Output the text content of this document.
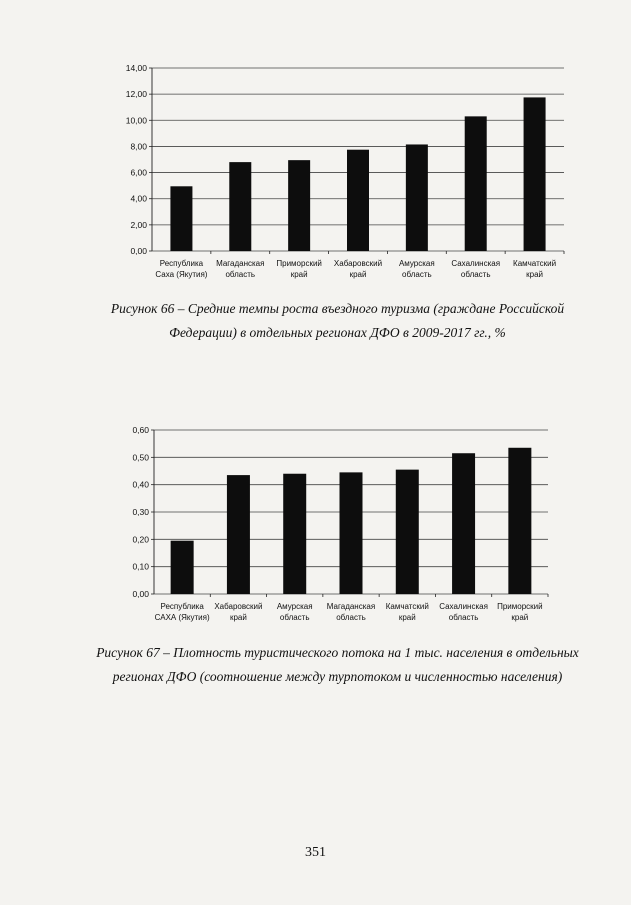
0,00
2,00
4,00
6,00
8,00
10,00
12,00
14,00
Республика
Саха (Якутия)
Магаданская
область
Приморский
край
Хабаровский
край
Амурская
область
Сахалинская
область
Камчатский
край
Рисунок 66 – Средние темпы роста въездного туризма (граждане Российской
Федерации) в отдельных регионах ДФО в 2009-2017 гг., %
0,00
0,10
0,20
0,30
0,40
0,50
0,60
Республика
САХА (Якутия)
Хабаровский
край
Амурская
область
Магаданская
область
Камчатский
край
Сахалинская
область
Приморский
край
Рисунок 67 – Плотность туристического потока на 1 тыс. населения в отдельных
регионах ДФО (соотношение между турпотоком и численностью населения)
351
